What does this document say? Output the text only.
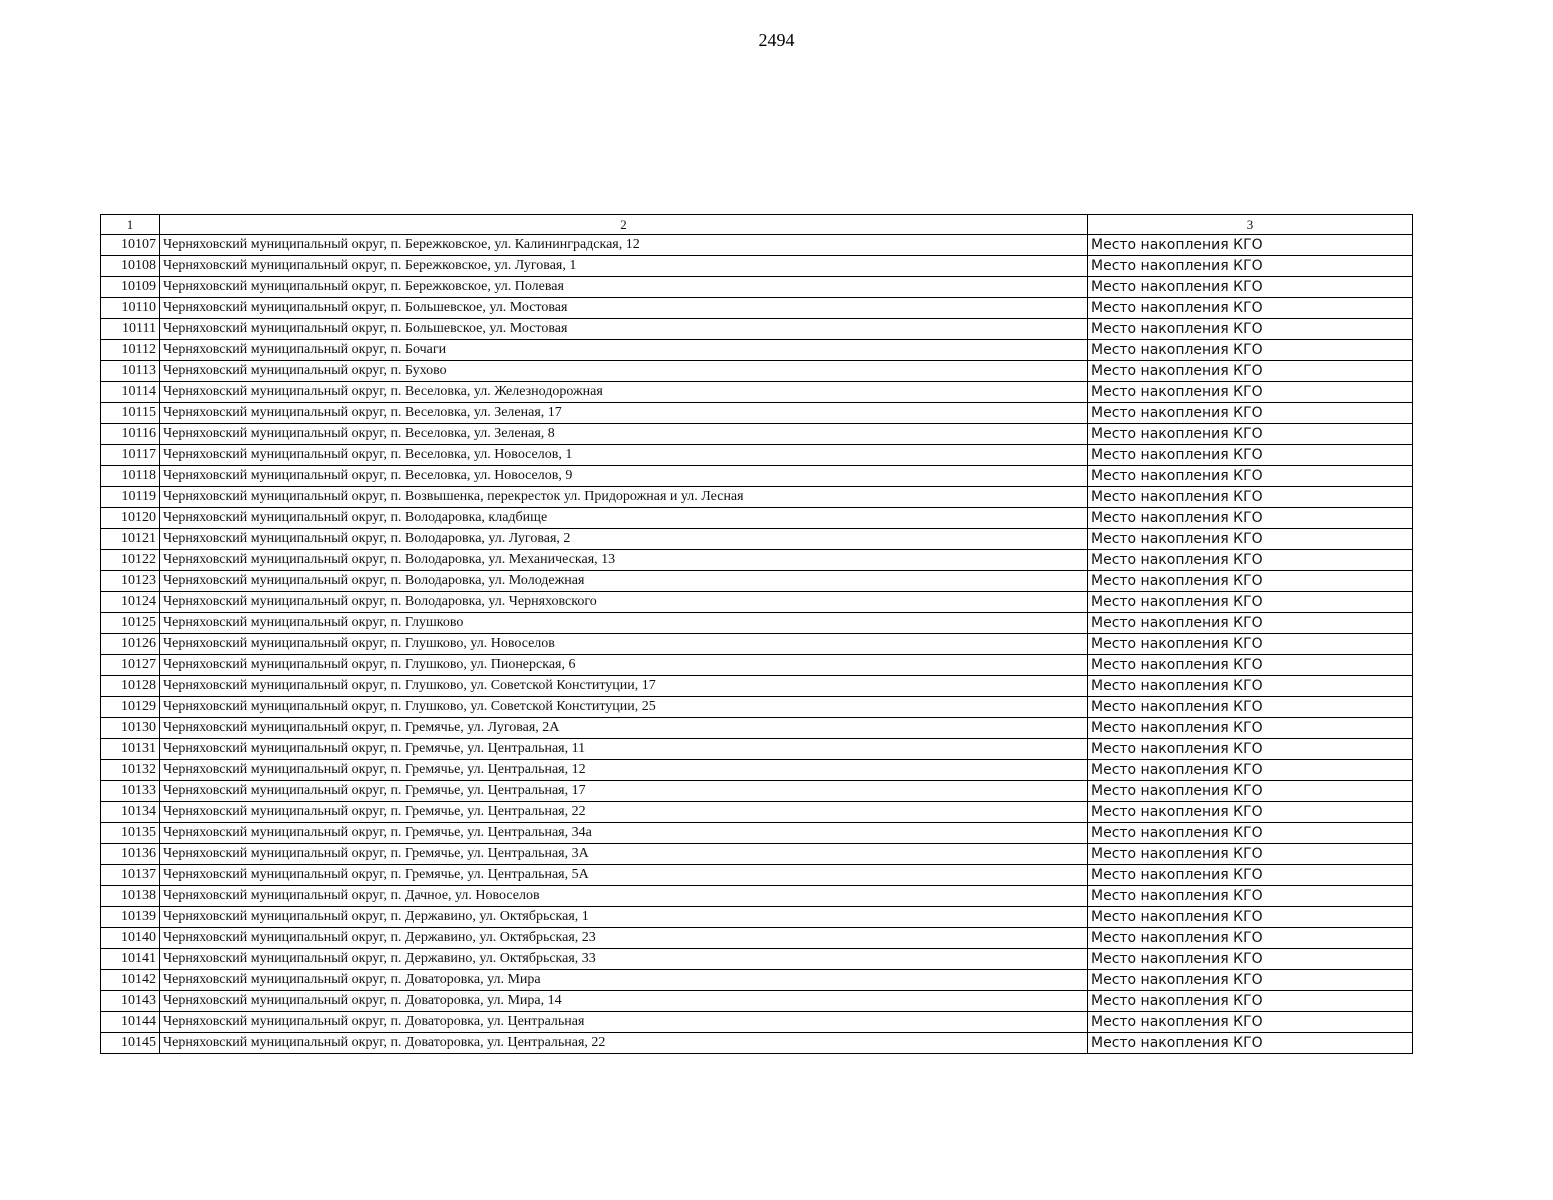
2494
1	2	3
10107	Черняховский муниципальный округ, п. Бережковское, ул. Калининградская, 12	Место накопления КГО
10108	Черняховский муниципальный округ, п. Бережковское, ул. Луговая, 1	Место накопления КГО
10109	Черняховский муниципальный округ, п. Бережковское, ул. Полевая	Место накопления КГО
10110	Черняховский муниципальный округ, п. Большевское, ул. Мостовая	Место накопления КГО
10111	Черняховский муниципальный округ, п. Большевское, ул. Мостовая	Место накопления КГО
10112	Черняховский муниципальный округ, п. Бочаги	Место накопления КГО
10113	Черняховский муниципальный округ, п. Бухово	Место накопления КГО
10114	Черняховский муниципальный округ, п. Веселовка, ул. Железнодорожная	Место накопления КГО
10115	Черняховский муниципальный округ, п. Веселовка, ул. Зеленая, 17	Место накопления КГО
10116	Черняховский муниципальный округ, п. Веселовка, ул. Зеленая, 8	Место накопления КГО
10117	Черняховский муниципальный округ, п. Веселовка, ул. Новоселов, 1	Место накопления КГО
10118	Черняховский муниципальный округ, п. Веселовка, ул. Новоселов, 9	Место накопления КГО
10119	Черняховский муниципальный округ, п. Возвышенка, перекресток ул. Придорожная и ул. Лесная	Место накопления КГО
10120	Черняховский муниципальный округ, п. Володаровка, кладбище	Место накопления КГО
10121	Черняховский муниципальный округ, п. Володаровка, ул. Луговая, 2	Место накопления КГО
10122	Черняховский муниципальный округ, п. Володаровка, ул. Механическая, 13	Место накопления КГО
10123	Черняховский муниципальный округ, п. Володаровка, ул. Молодежная	Место накопления КГО
10124	Черняховский муниципальный округ, п. Володаровка, ул. Черняховского	Место накопления КГО
10125	Черняховский муниципальный округ, п. Глушково	Место накопления КГО
10126	Черняховский муниципальный округ, п. Глушково, ул. Новоселов	Место накопления КГО
10127	Черняховский муниципальный округ, п. Глушково, ул. Пионерская, 6	Место накопления КГО
10128	Черняховский муниципальный округ, п. Глушково, ул. Советской Конституции, 17	Место накопления КГО
10129	Черняховский муниципальный округ, п. Глушково, ул. Советской Конституции, 25	Место накопления КГО
10130	Черняховский муниципальный округ, п. Гремячье, ул. Луговая, 2А	Место накопления КГО
10131	Черняховский муниципальный округ, п. Гремячье, ул. Центральная, 11	Место накопления КГО
10132	Черняховский муниципальный округ, п. Гремячье, ул. Центральная, 12	Место накопления КГО
10133	Черняховский муниципальный округ, п. Гремячье, ул. Центральная, 17	Место накопления КГО
10134	Черняховский муниципальный округ, п. Гремячье, ул. Центральная, 22	Место накопления КГО
10135	Черняховский муниципальный округ, п. Гремячье, ул. Центральная, 34а	Место накопления КГО
10136	Черняховский муниципальный округ, п. Гремячье, ул. Центральная, 3А	Место накопления КГО
10137	Черняховский муниципальный округ, п. Гремячье, ул. Центральная, 5А	Место накопления КГО
10138	Черняховский муниципальный округ, п. Дачное, ул. Новоселов	Место накопления КГО
10139	Черняховский муниципальный округ, п. Державино, ул. Октябрьская, 1	Место накопления КГО
10140	Черняховский муниципальный округ, п. Державино, ул. Октябрьская, 23	Место накопления КГО
10141	Черняховский муниципальный округ, п. Державино, ул. Октябрьская, 33	Место накопления КГО
10142	Черняховский муниципальный округ, п. Доваторовка, ул. Мира	Место накопления КГО
10143	Черняховский муниципальный округ, п. Доваторовка, ул. Мира, 14	Место накопления КГО
10144	Черняховский муниципальный округ, п. Доваторовка, ул. Центральная	Место накопления КГО
10145	Черняховский муниципальный округ, п. Доваторовка, ул. Центральная, 22	Место накопления КГО
